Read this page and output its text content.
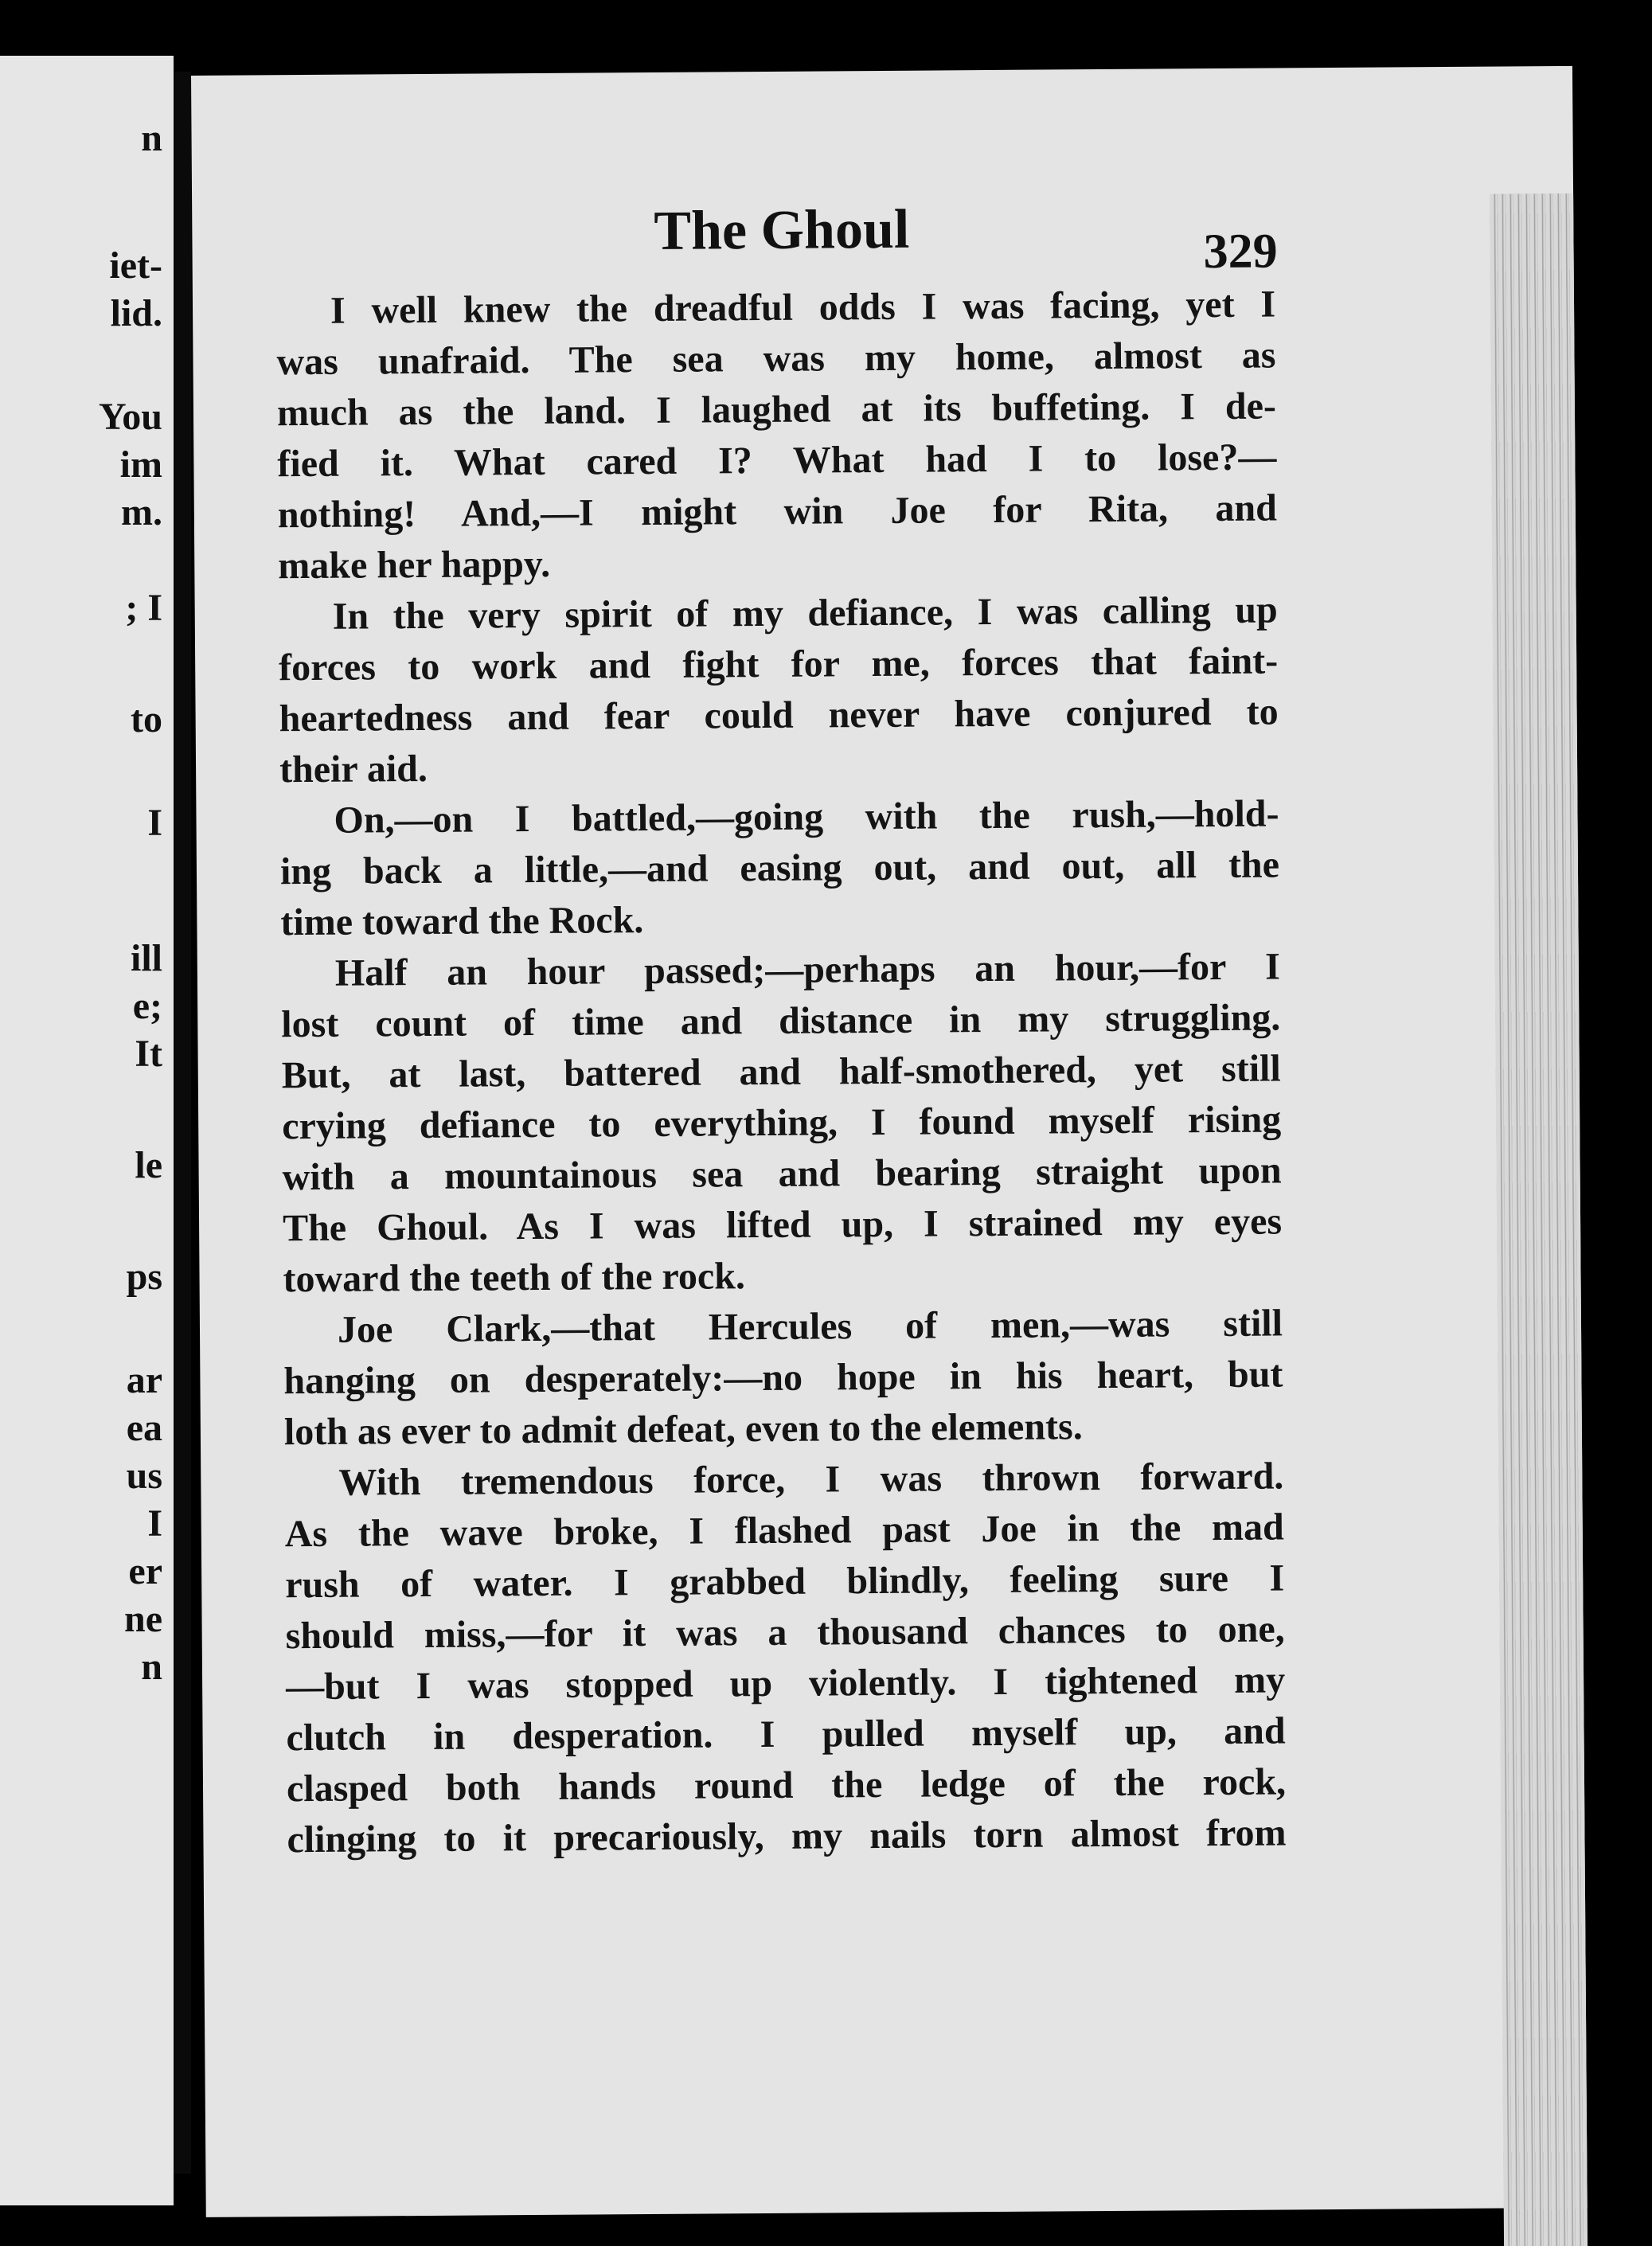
n
iet-
lid.
You
im
m.
; I
to
I
ill
e;
It
le
ps
ar
ea
us
I
er
ne
n
The Ghoul	329
I well knew the dreadful odds I was facing, yet I
was unafraid. The sea was my home, almost as
much as the land. I laughed at its buffeting. I de-
fied it. What cared I? What had I to lose?—
nothing! And,—I might win Joe for Rita, and
make her happy.
In the very spirit of my defiance, I was calling up
forces to work and fight for me, forces that faint-
heartedness and fear could never have conjured to
their aid.
On,—on I battled,—going with the rush,—hold-
ing back a little,—and easing out, and out, all the
time toward the Rock.
Half an hour passed;—perhaps an hour,—for I
lost count of time and distance in my struggling.
But, at last, battered and half-smothered, yet still
crying defiance to everything, I found myself rising
with a mountainous sea and bearing straight upon
The Ghoul. As I was lifted up, I strained my eyes
toward the teeth of the rock.
Joe Clark,—that Hercules of men,—was still
hanging on desperately:—no hope in his heart, but
loth as ever to admit defeat, even to the elements.
With tremendous force, I was thrown forward.
As the wave broke, I flashed past Joe in the mad
rush of water. I grabbed blindly, feeling sure I
should miss,—for it was a thousand chances to one,
—but I was stopped up violently. I tightened my
clutch in desperation. I pulled myself up, and
clasped both hands round the ledge of the rock,
clinging to it precariously, my nails torn almost from
